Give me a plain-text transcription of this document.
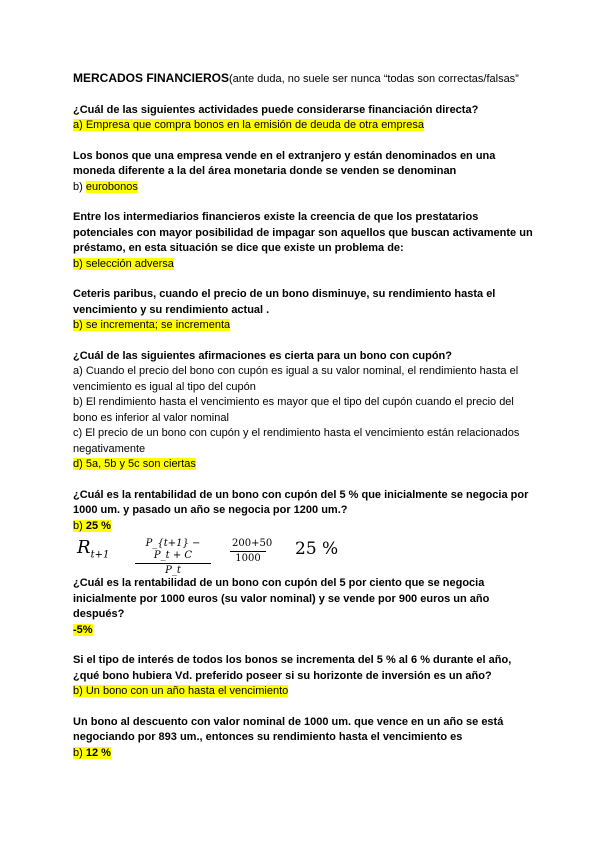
MERCADOS FINANCIEROS(ante duda, no suele ser nunca “todas son correctas/falsas”
¿Cuál de las siguientes actividades puede considerarse financiación directa?
a) Empresa que compra bonos en la emisión de deuda de otra empresa
Los bonos que una empresa vende en el extranjero y están denominados en una moneda diferente a la del área monetaria donde se venden se denominan
b) eurobonos
Entre los intermediarios financieros existe la creencia de que los prestatarios potenciales con mayor posibilidad de impagar son aquellos que buscan activamente un préstamo, en esta situación se dice que existe un problema de:
b) selección adversa
Ceteris paribus, cuando el precio de un bono disminuye, su rendimiento hasta el vencimiento y su rendimiento actual .
b) se incrementa; se incrementa
¿Cuál de las siguientes afirmaciones es cierta para un bono con cupón?
a) Cuando el precio del bono con cupón es igual a su valor nominal, el rendimiento hasta el vencimiento es igual al tipo del cupón
b) El rendimiento hasta el vencimiento es mayor que el tipo del cupón cuando el precio del bono es inferior al valor nominal
c) El precio de un bono con cupón y el rendimiento hasta el vencimiento están relacionados negativamente
d) 5a, 5b y 5c son ciertas
¿Cuál es la rentabilidad de un bono con cupón del 5 % que inicialmente se negocia por 1000 um. y pasado un año se negocia por 1200 um.?
b) 25 %
$R_{t+1}$	$\frac{P\_\{t+1\} - P\_t + C}{P\_t} \frac{200+50}{1000} 25$ %
¿Cuál es la rentabilidad de un bono con cupón del 5 por ciento que se negocia inicialmente por 1000 euros (su valor nominal) y se vende por 900 euros un año después?
-5%
Si el tipo de interés de todos los bonos se incrementa del 5 % al 6 % durante el año, ¿qué bono hubiera Vd. preferido poseer si su horizonte de inversión es un año?
b) Un bono con un año hasta el vencimiento
Un bono al descuento con valor nominal de 1000 um. que vence en un año se está negociando por 893 um., entonces su rendimiento hasta el vencimiento es
b) 12 %
